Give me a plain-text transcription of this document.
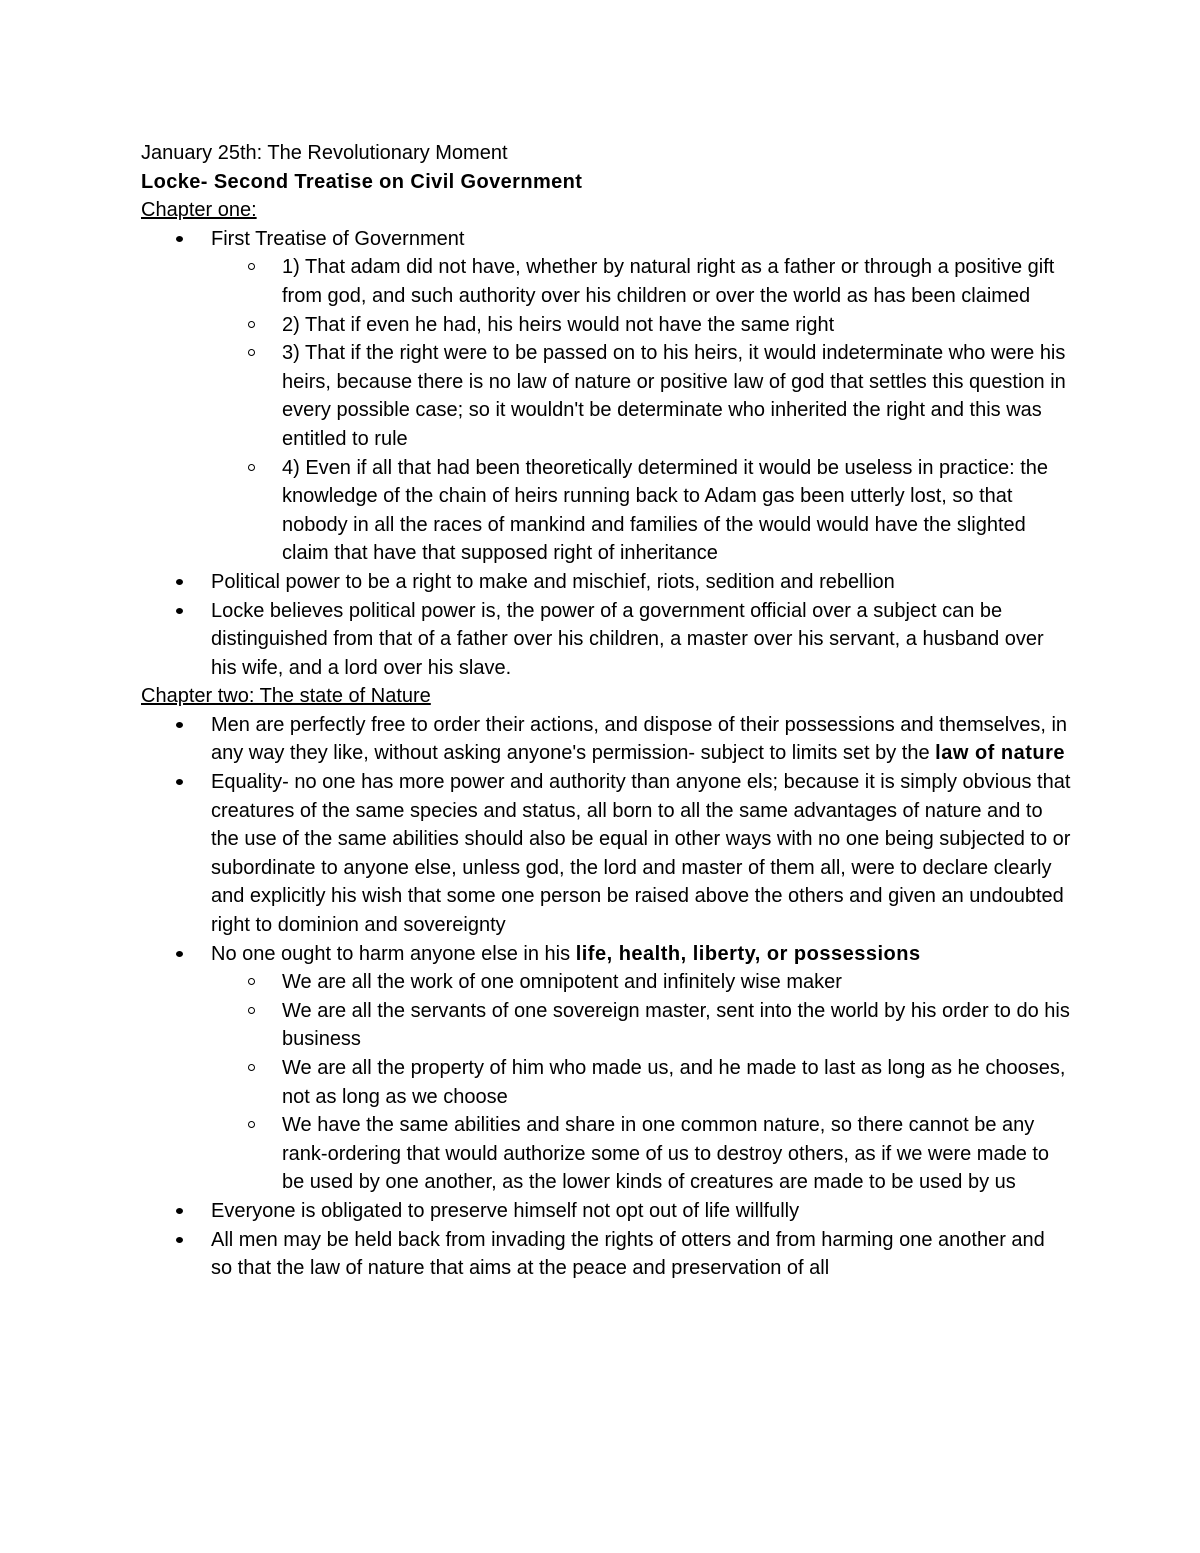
January 25th: The Revolutionary Moment

Locke- Second Treatise on Civil Government

Chapter one:

First Treatise of Government
1) That adam did not have, whether by natural right as a father or through a positive gift from god, and such authority over his children or over the world as has been claimed
2) That if even he had, his heirs would not have the same right
3) That if the right were to be passed on to his heirs, it would indeterminate who were his heirs, because there is no law of nature or positive law of god that settles this question in every possible case; so it wouldn't be determinate who inherited the right and this was entitled to rule
4) Even if all that had been theoretically determined it would be useless in practice: the knowledge of the chain of heirs running back to Adam gas been utterly lost, so that nobody in all the races of mankind and families of the would would have the slighted claim that have that supposed right of inheritance
Political power to be a right to make and mischief, riots, sedition and rebellion
Locke believes political power is, the power of a government official over a subject can be distinguished from that of a father over his children, a master over his servant, a husband over his wife, and a lord over his slave.

Chapter two: The state of Nature

Men are perfectly free to order their actions, and dispose of their possessions and themselves, in any way they like, without asking anyone's permission- subject to limits set by the law of nature
Equality- no one has more power and authority than anyone els; because it is simply obvious that creatures of the same species and status, all born to all the same advantages of nature and to the use of the same abilities should also be equal in other ways with no one being subjected to or subordinate to anyone else, unless god, the lord and master of them all, were to declare clearly and explicitly his wish that some one person be raised above the others and given an undoubted right to dominion and sovereignty
No one ought to harm anyone else in his life, health, liberty, or possessions
We are all the work of one omnipotent and infinitely wise maker
We are all the servants of one sovereign master, sent into the world by his order to do his business
We are all the property of him who made us, and he made to last as long as he chooses, not as long as we choose
We have the same abilities and share in one common nature, so there cannot be any rank-ordering that would authorize some of us to destroy others, as if we were made to be used by one another, as the lower kinds of creatures are made to be used by us
Everyone is obligated to preserve himself not opt out of life willfully
All men may be held back from invading the rights of otters and from harming one another and so that the law of nature that aims at the peace and preservation of all
